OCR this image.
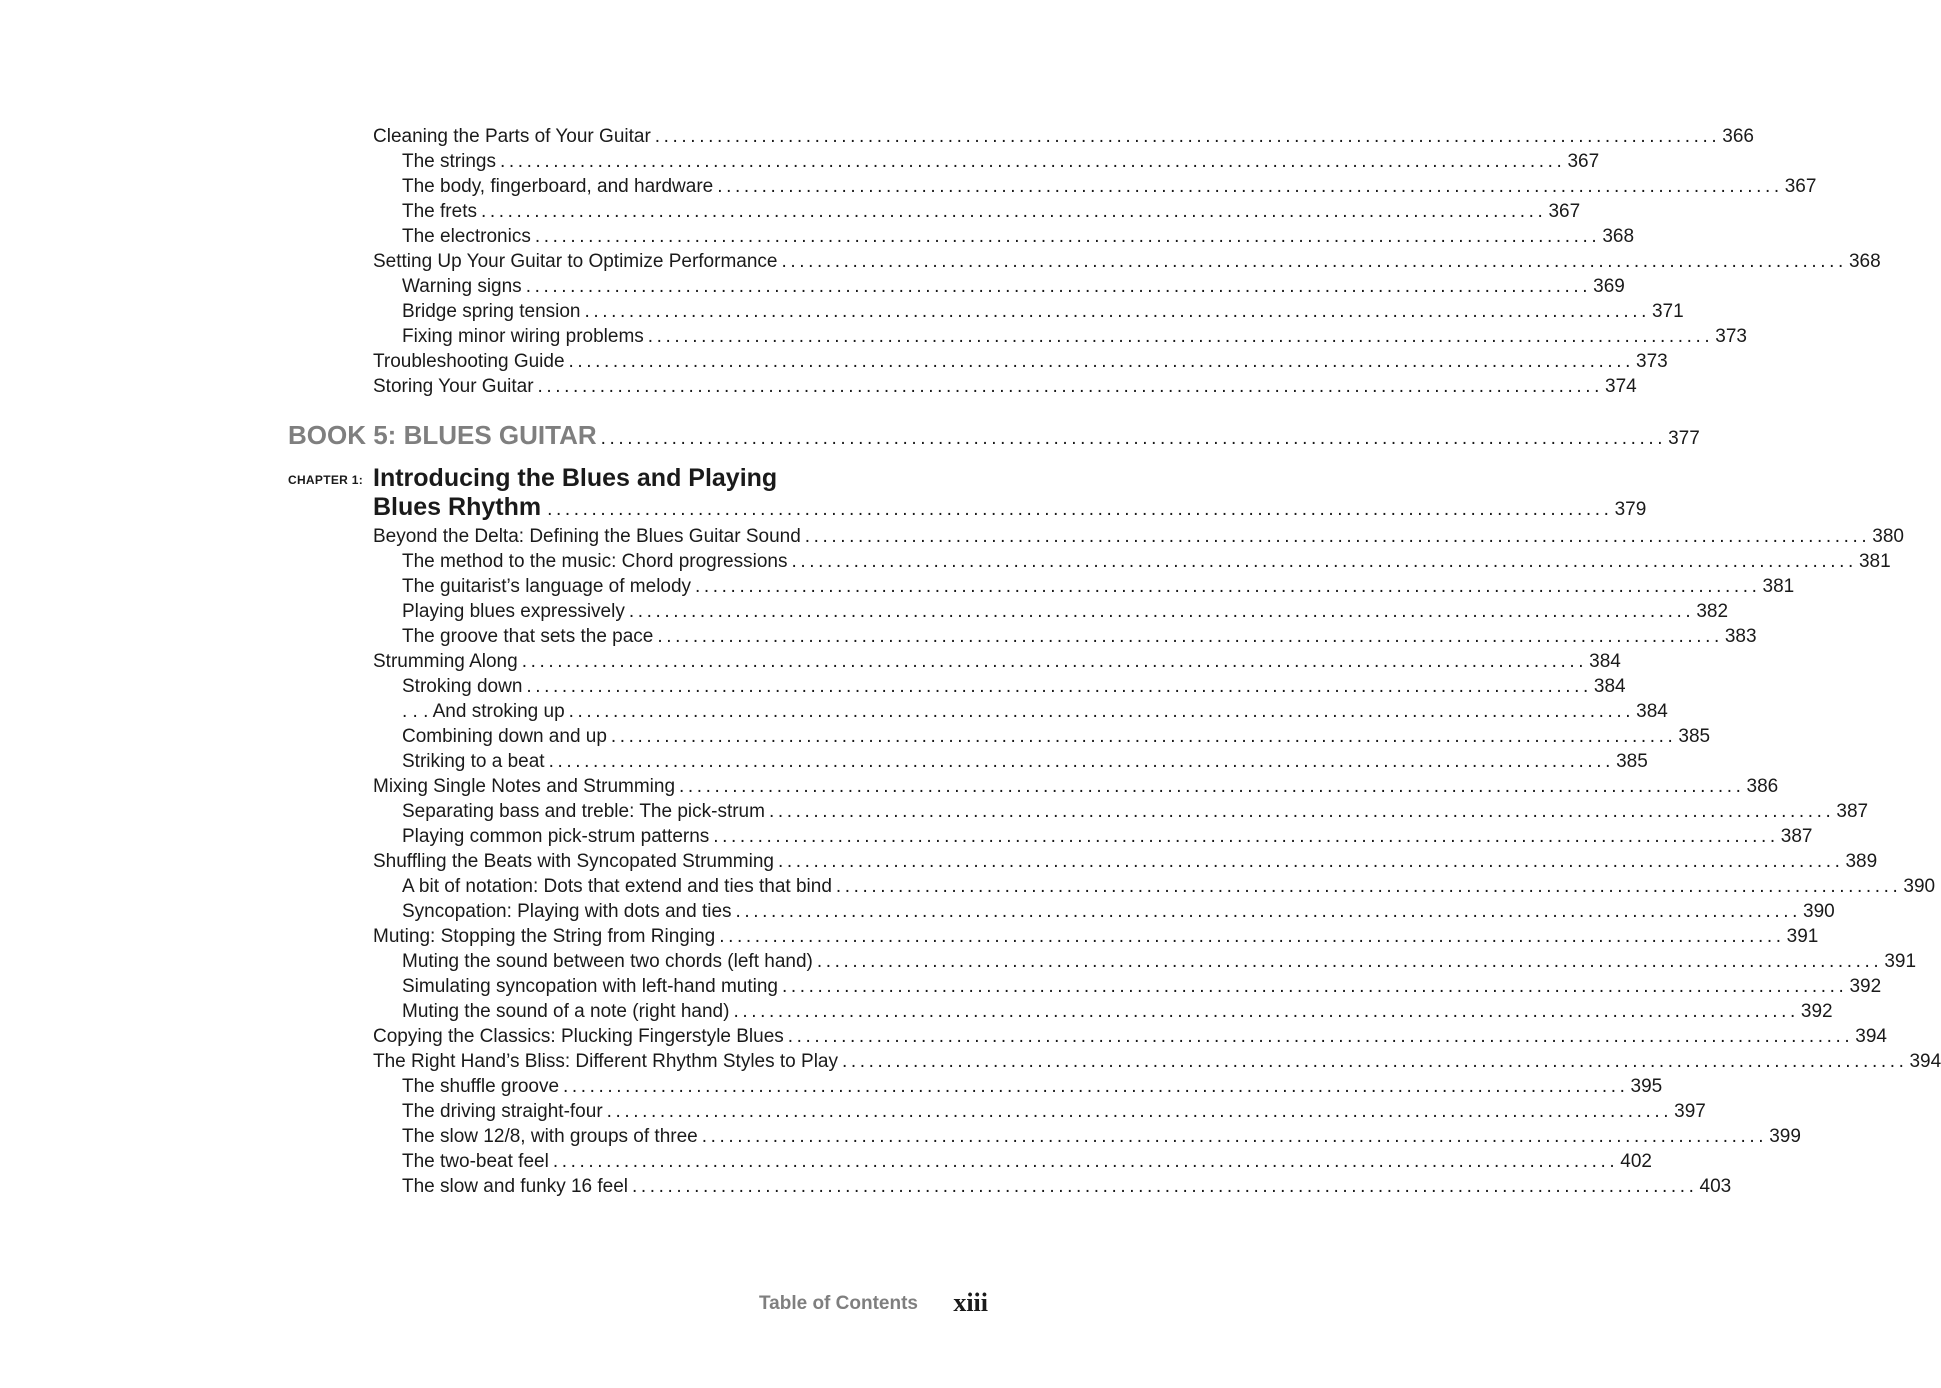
Cleaning the Parts of Your Guitar ........................................................................................................................ 366
The strings ........................................................................................................................ 367
The body, fingerboard, and hardware ........................................................................................................................ 367
The frets ........................................................................................................................ 367
The electronics ........................................................................................................................ 368
Setting Up Your Guitar to Optimize Performance ........................................................................................................................ 368
Warning signs ........................................................................................................................ 369
Bridge spring tension ........................................................................................................................ 371
Fixing minor wiring problems ........................................................................................................................ 373
Troubleshooting Guide ........................................................................................................................ 373
Storing Your Guitar ........................................................................................................................ 374
BOOK 5: BLUES GUITAR ........................................................................................................................ 377
CHAPTER 1: Introducing the Blues and Playing
Blues Rhythm ........................................................................................................................ 379
Beyond the Delta: Defining the Blues Guitar Sound ........................................................................................................................ 380
The method to the music: Chord progressions ........................................................................................................................ 381
The guitarist’s language of melody ........................................................................................................................ 381
Playing blues expressively ........................................................................................................................ 382
The groove that sets the pace ........................................................................................................................ 383
Strumming Along ........................................................................................................................ 384
Stroking down ........................................................................................................................ 384
. . . And stroking up ........................................................................................................................ 384
Combining down and up ........................................................................................................................ 385
Striking to a beat ........................................................................................................................ 385
Mixing Single Notes and Strumming ........................................................................................................................ 386
Separating bass and treble: The pick-strum ........................................................................................................................ 387
Playing common pick-strum patterns ........................................................................................................................ 387
Shuffling the Beats with Syncopated Strumming ........................................................................................................................ 389
A bit of notation: Dots that extend and ties that bind ........................................................................................................................ 390
Syncopation: Playing with dots and ties ........................................................................................................................ 390
Muting: Stopping the String from Ringing ........................................................................................................................ 391
Muting the sound between two chords (left hand) ........................................................................................................................ 391
Simulating syncopation with left-hand muting ........................................................................................................................ 392
Muting the sound of a note (right hand) ........................................................................................................................ 392
Copying the Classics: Plucking Fingerstyle Blues ........................................................................................................................ 394
The Right Hand’s Bliss: Different Rhythm Styles to Play ........................................................................................................................ 394
The shuffle groove ........................................................................................................................ 395
The driving straight-four ........................................................................................................................ 397
The slow 12/8, with groups of three ........................................................................................................................ 399
The two-beat feel ........................................................................................................................ 402
The slow and funky 16 feel ........................................................................................................................ 403
Table of Contents xiii
